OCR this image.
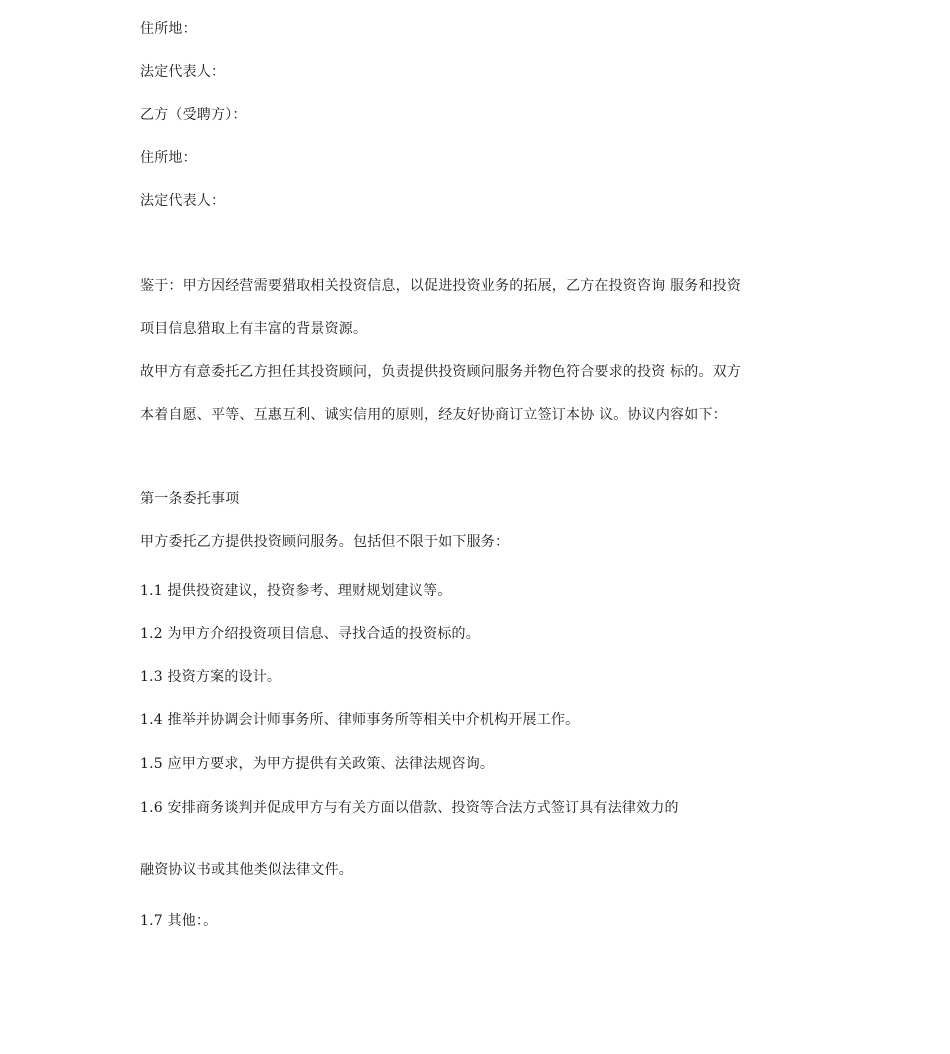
住所地：
法定代表人：
乙方（受聘方）：
住所地：
法定代表人：
鉴于：甲方因经营需要猎取相关投资信息，以促进投资业务的拓展，乙方在投资咨询 服务和投资
项目信息猎取上有丰富的背景资源。
故甲方有意委托乙方担任其投资顾问，负责提供投资顾问服务并物色符合要求的投资 标的。双方
本着自愿、平等、互惠互利、诚实信用的原则，经友好协商订立签订本协 议。协议内容如下：
第一条委托事项
甲方委托乙方提供投资顾问服务。包括但不限于如下服务：
1.1 提供投资建议，投资参考、理财规划建议等。
1.2 为甲方介绍投资项目信息、寻找合适的投资标的。
1.3 投资方案的设计。
1.4 推举并协调会计师事务所、律师事务所等相关中介机构开展工作。
1.5 应甲方要求，为甲方提供有关政策、法律法规咨询。
1.6 安排商务谈判并促成甲方与有关方面以借款、投资等合法方式签订具有法律效力的
融资协议书或其他类似法律文件。
1.7 其他：。
